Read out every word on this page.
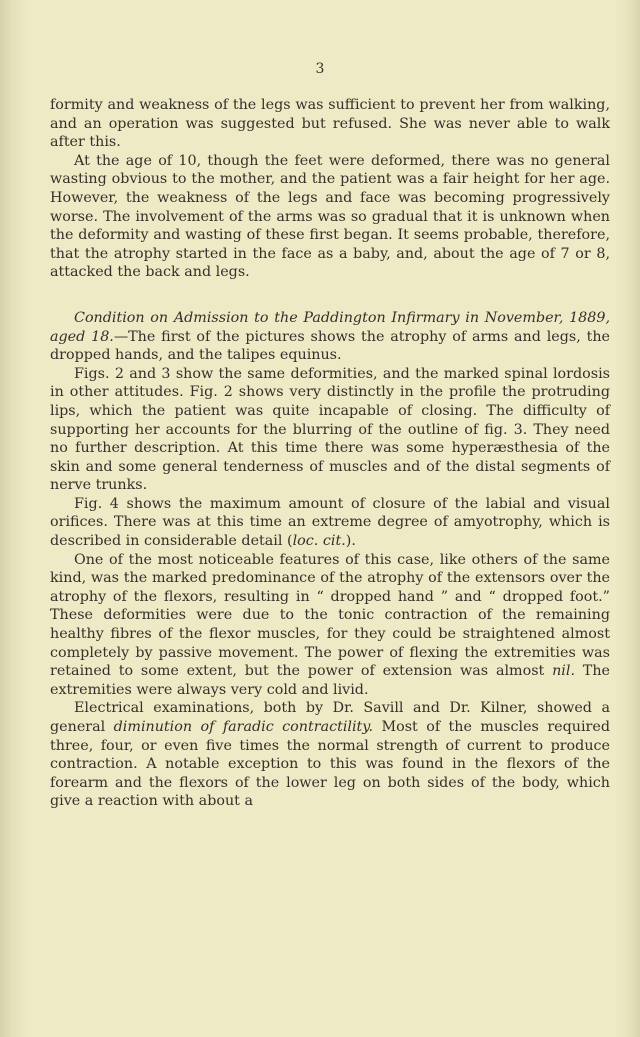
3

formity and weakness of the legs was sufficient to prevent her from walking, and an operation was suggested but refused. She was never able to walk after this.

At the age of 10, though the feet were deformed, there was no general wasting obvious to the mother, and the patient was a fair height for her age. However, the weakness of the legs and face was becoming progressively worse. The involvement of the arms was so gradual that it is unknown when the deformity and wasting of these first began. It seems probable, therefore, that the atrophy started in the face as a baby, and, about the age of 7 or 8, attacked the back and legs.

Condition on Admission to the Paddington Infirmary in November, 1889, aged 18.—The first of the pictures shows the atrophy of arms and legs, the dropped hands, and the talipes equinus.

Figs. 2 and 3 show the same deformities, and the marked spinal lordosis in other attitudes. Fig. 2 shows very distinctly in the profile the protruding lips, which the patient was quite incapable of closing. The difficulty of supporting her accounts for the blurring of the outline of fig. 3. They need no further description. At this time there was some hyperæsthesia of the skin and some general tenderness of muscles and of the distal segments of nerve trunks.

Fig. 4 shows the maximum amount of closure of the labial and visual orifices. There was at this time an extreme degree of amyotrophy, which is described in considerable detail (loc. cit.).

One of the most noticeable features of this case, like others of the same kind, was the marked predominance of the atrophy of the extensors over the atrophy of the flexors, resulting in “ dropped hand ” and “ dropped foot.” These deformities were due to the tonic contraction of the remaining healthy fibres of the flexor muscles, for they could be straightened almost completely by passive movement. The power of flexing the extremities was retained to some extent, but the power of extension was almost nil. The extremities were always very cold and livid.

Electrical examinations, both by Dr. Savill and Dr. Kilner, showed a general diminution of faradic contractility. Most of the muscles required three, four, or even five times the normal strength of current to produce contraction. A notable exception to this was found in the flexors of the forearm and the flexors of the lower leg on both sides of the body, which give a reaction with about a
